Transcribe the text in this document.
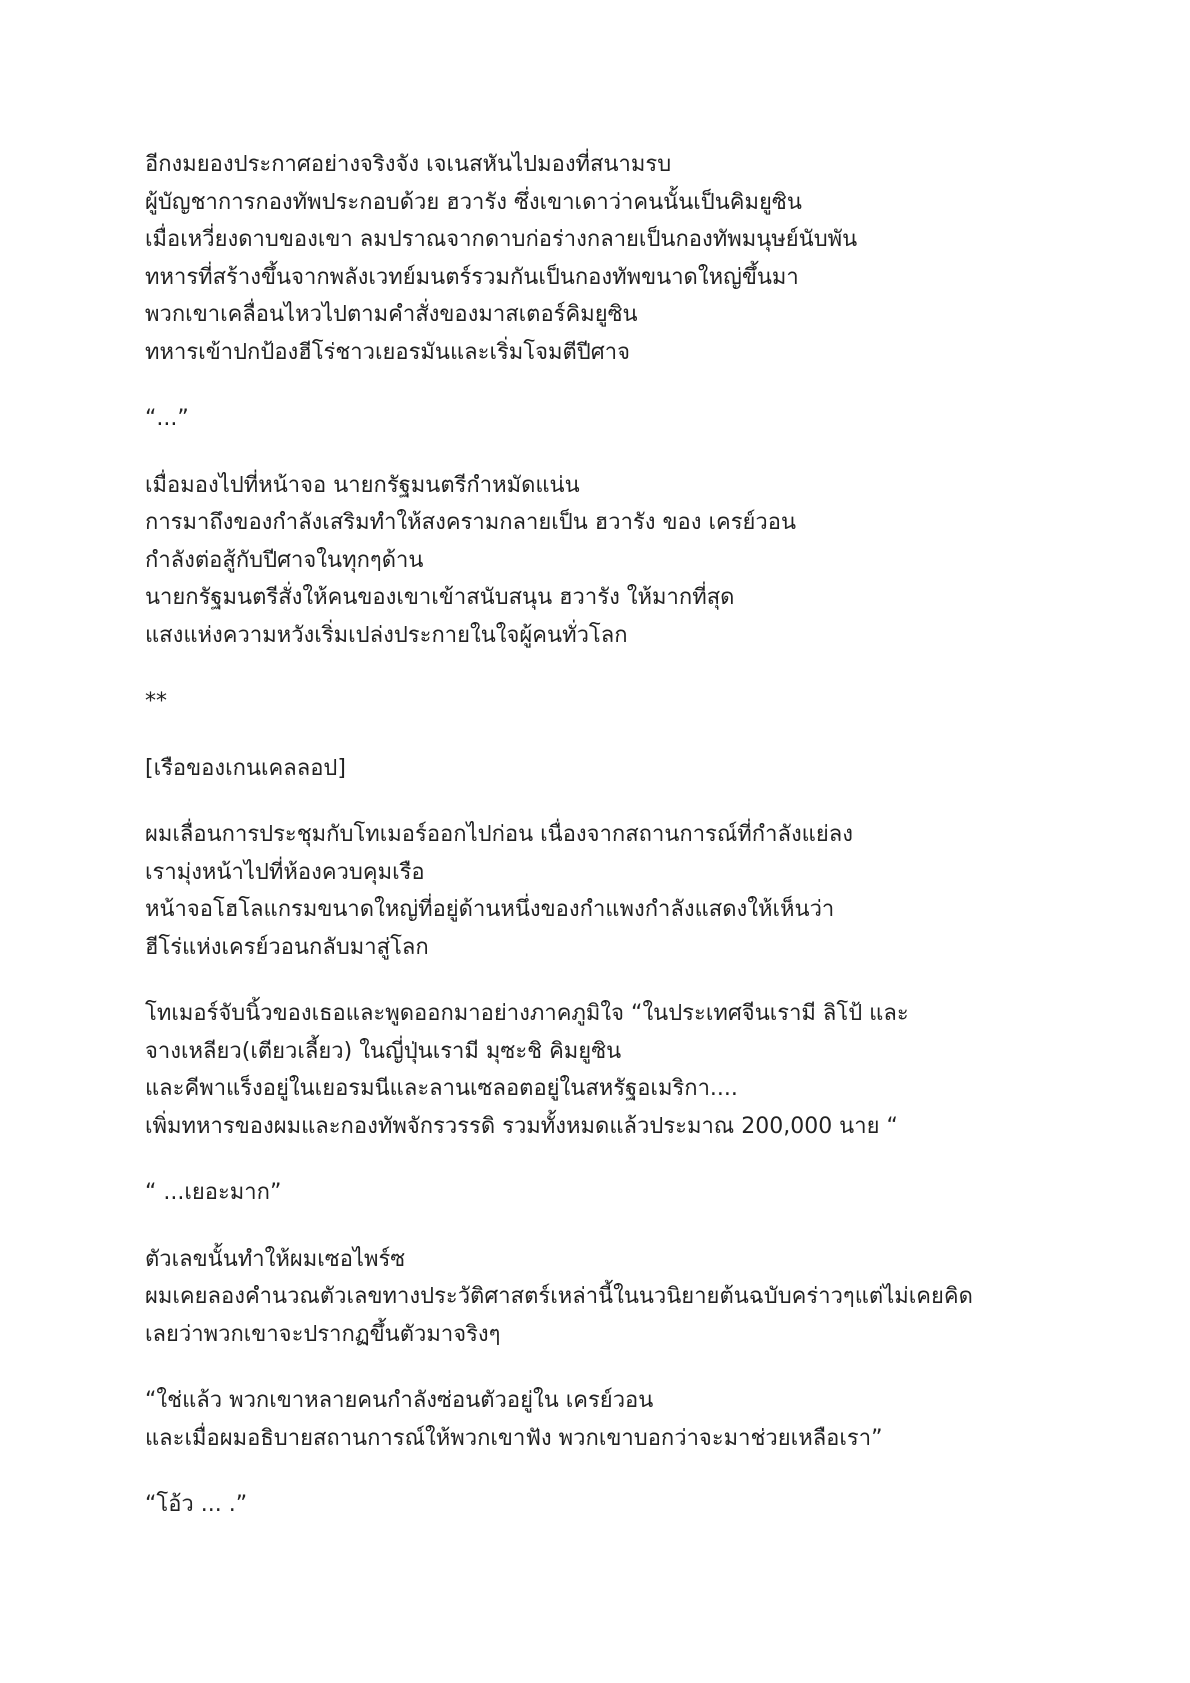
อีกงมยองประกาศอย่างจริงจัง เจเนสหันไปมองที่สนามรบ
ผู้บัญชาการกองทัพประกอบด้วย ฮวารัง ซึ่งเขาเดาว่าคนนั้นเป็นคิมยูซิน
เมื่อเหวี่ยงดาบของเขา ลมปราณจากดาบก่อร่างกลายเป็นกองทัพมนุษย์นับพัน
ทหารที่สร้างขึ้นจากพลังเวทย์มนตร์รวมกันเป็นกองทัพขนาดใหญ่ขึ้นมา
พวกเขาเคลื่อนไหวไปตามคำสั่งของมาสเตอร์คิมยูซิน
ทหารเข้าปกป้องฮีโร่ชาวเยอรมันและเริ่มโจมตีปีศาจ
“...”
เมื่อมองไปที่หน้าจอ นายกรัฐมนตรีกำหมัดแน่น
การมาถึงของกำลังเสริมทำให้สงครามกลายเป็น ฮวารัง ของ เครย์วอน
กำลังต่อสู้กับปีศาจในทุกๆด้าน
นายกรัฐมนตรีสั่งให้คนของเขาเข้าสนับสนุน ฮวารัง ให้มากที่สุด
แสงแห่งความหวังเริ่มเปล่งประกายในใจผู้คนทั่วโลก
**
[เรือของเกนเคลลอป]
ผมเลื่อนการประชุมกับโทเมอร์ออกไปก่อน เนื่องจากสถานการณ์ที่กำลังแย่ลง
เรามุ่งหน้าไปที่ห้องควบคุมเรือ
หน้าจอโฮโลแกรมขนาดใหญ่ที่อยู่ด้านหนึ่งของกำแพงกำลังแสดงให้เห็นว่า
ฮีโร่แห่งเครย์วอนกลับมาสู่โลก
โทเมอร์จับนิ้วของเธอและพูดออกมาอย่างภาคภูมิใจ “ในประเทศจีนเรามี ลิโป้ และ
จางเหลียว(เตียวเลี้ยว) ในญี่ปุ่นเรามี มุซะชิ คิมยูซิน
และคีพาแร็งอยู่ในเยอรมนีและลานเซลอตอยู่ในสหรัฐอเมริกา....
เพิ่มทหารของผมและกองทัพจักรวรรดิ รวมทั้งหมดแล้วประมาณ 200,000 นาย “
“ ...เยอะมาก”
ตัวเลขนั้นทำให้ผมเซอไพร์ซ
ผมเคยลองคำนวณตัวเลขทางประวัติศาสตร์เหล่านี้ในนวนิยายต้นฉบับคร่าวๆแต่ไม่เคยคิด
เลยว่าพวกเขาจะปรากฏขึ้นตัวมาจริงๆ
“ใช่แล้ว พวกเขาหลายคนกำลังซ่อนตัวอยู่ใน เครย์วอน
และเมื่อผมอธิบายสถานการณ์ให้พวกเขาฟัง พวกเขาบอกว่าจะมาช่วยเหลือเรา”
“โอ้ว ... .”
